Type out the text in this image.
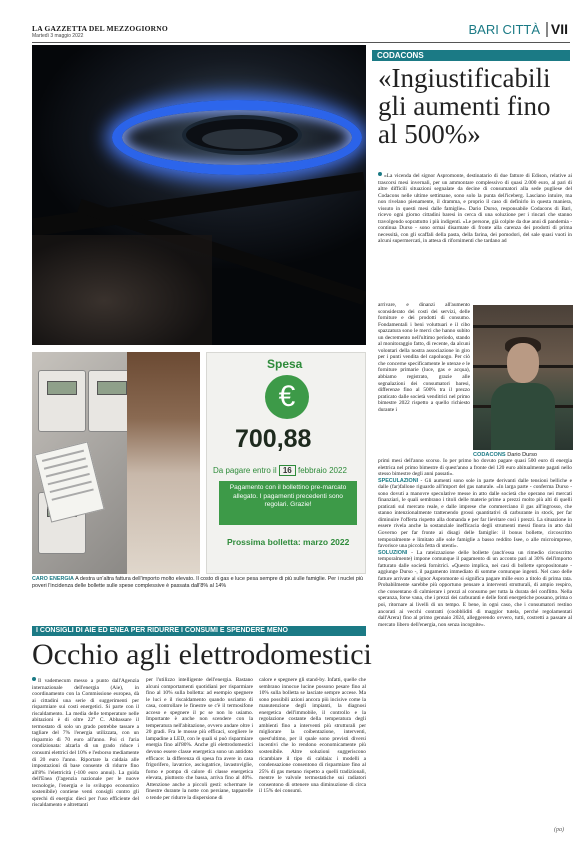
LA GAZZETTA DEL MEZZOGIORNO
Martedì 3 maggio 2022	BARI CITTÀ VII
Spesa
€
700,88
Da pagare entro il 16 febbraio 2022
Pagamento con il bollettino pre-marcato allegato. I pagamenti precedenti sono regolari. Grazie!
Prossima bolletta: marzo 2022
CARO ENERGIA A destra un'altra fattura dell'importo molto elevato. Il costo di gas e luce pesa sempre di più sulle famiglie. Per i nuclei più poveri l'incidenza delle bollette sulle spese complessive è passata dall'8% al 14%
CODACONS
«Ingiustificabili gli aumenti fino al 500%»
«La vicenda del signor Aspromonte, destinatario di due fatture di Edison, relative ai trascorsi mesi invernali, per un ammontare complessivo di quasi 2.000 euro, al pari di altre difficili situazioni segnalate da decine di consumatori alla sede pugliese del Codacons nelle ultime settimane, sono solo la punta dell'iceberg. Lasciano intuire, ma non rivelano pienamente, il dramma, e proprio il caso di definirlo in questa maniera, vissuto in questi mesi dalle famiglie». Dario Durso, responsabile Codacons di Bari, ricevo ogni giorno cittadini baresi in cerca di una soluzione per i rincari che stanno travolgendo soprattutto i più indigenti. «Le persone, già colpite da due anni di pandemia - continua Durso - sono ormai disarmate di fronte alla carenza dei prodotti di prima necessità, con gli scaffali della pasta, della farina, dei pomodori, del sale quasi vuoti in alcuni supermercati, in attesa di rifornimenti che tardano ad
arrivare, e dinanzi all'aumento sconsiderato dei costi dei servizi, delle forniture e dei prodotti di consumo. Fondamentali i beni voluttuari e il cibo spazzatura sono le merci che hanno subito un decremento nell'ultimo periodo, stando al monitoraggio fatto, di recente, da alcuni volontari della nostra associazione in giro per i punti vendita del capoluogo. Per ciò che concerne specificamente le utenze e le forniture primarie (luce, gas e acqua), abbiamo registrato, grazie alle segnalazioni dei consumatori baresi, differenze fino al 500% tra il prezzo praticato dalle società venditrici nel primo bimestre 2022 rispetto a quello richiesto durante i
CODACONS Dario Durso
primi mesi dell'anno scorso. Io per primo ho dovuto pagare quasi 500 euro di energia elettrica nel primo bimestre di quest'anno a fronte del 120 euro abitualmente pagati nello stesso bimestre degli anni passati».
SPECULAZIONI - Gli aumenti sono sole in parte derivanti dalle tensioni belliche e dalle (far)fallone riguardo all'import del gas naturale. «In larga parte - conferma Durso - sono dovuti a manovre speculative messe in atto dalle società che operano nei mercati finanziari, le quali sembrano i titoli delle materie prime a prezzi molto più alti di quelli praticati sul mercato reale, e dalle imprese che commerciano il gas all'ingrosso, che stanno intenzionalmente trattenendo grossi quantitativi di carburante in stock, per far diminuire l'offerta rispetto alla domanda e per far lievitare così i prezzi. La situazione in essere rivela anche la sostanziale inefficacia degli strumenti messi finora in atto dal Governo per far fronte ai disagi delle famiglie: il bonus bollette, circoscritto temporalmente e limitato alle sole famiglie a basso reddito Isee, o alle microimprese, favorisce una piccola fetta di utenti».
SOLUZIONI - La rateizzazione delle bollette (anch'essa un rimedio circoscritto temporalmente) impone comunque il pagamento di un acconto pari al 30% dell'importo fatturato dalle società fornitrici. «Questo implica, nei casi di bollette spropositonate - aggiunge Durso -, il pagamento immediato di somme comunque ingenti. Nel caso delle fatture arrivate al signor Aspromonte si significa pagare mille euro a titolo di prima rata. Probabilmente sarebbe più opportuno pensare a interventi strutturali, di ampio respiro, che consentano di calmierare i prezzi al consumo per tutta la durata del conflitto. Nella speranza, forse vana, che i prezzi dei carburanti e delle fonti energetiche possano, prima o poi, ritornare ai livelli di un tempo. E bene, in ogni caso, che i consumatori restino ancorati ai vecchi contratti (coobbliditi di maggior tutela, perché regolamentati dall'Arera) fino al primo gennaio 2024, alleggerendo ovvero, tutti, costretti a passare al mercato libero dell'energia, non senza incognite».
I CONSIGLI DI AIE ED ENEA PER RIDURRE I CONSUMI E SPENDERE MENO
Occhio agli elettrodomestici
Il vademecum messo a punto dall'Agenzia internazionale dell'energia (Aie), in coordinamento con la Commissione europea, dà ai cittadini una serie di suggerimenti per risparmiare sui costi energetici. Si parte con il riscaldamento. La media delle temperature nelle abitazioni è di oltre 22° C. Abbassare il termostato di solo un grado potrebbe tassare a tagliare del 7% l'energia utilizzata, con un risparmio di 70 euro all'anno. Poi ci l'aria condizionata: alzarla di un grado riduce i consumi elettrici del 10% e l'esborso mediamente di 20 euro l'anno. Riportare la caldaia alle impostazioni di base consente di ridurre fino all'8% l'elettricità (-100 euro annui). La guida dell'Enea (l'agenzia nazionale per le nuove tecnologie, l'energia e lo sviluppo economico sostenibile) contiene venti consigli contro gli sprechi di energia: dieci per l'uso efficiente del riscaldamento e altrettanti
per l'utilizzo intelligente dell'energia. Bastano alcuni comportamenti quotidiani per risparmiare fino al 10% sulla bolletta: ad esempio spegnere le luci e il riscaldamento quando usciamo di casa, controllare le finestre se c'è il termosifone acceso e spegnere il pc se non lo usiamo. Importante è anche non scendere con la temperatura nell'abitazione, ovvero andare oltre i 20 gradi. Fra le mosse più efficaci, scegliere le lampadine a LED, con le quali si può risparmiare energia fino all'80%. Anche gli elettrodomestici devono essere classe energetica sono un antidoto efficace: la differenza di spesa fra avere in casa frigorifero, lavatrice, asciugatrice, lavastoviglie, forno e pompa di calore di classe energetica elevata, piuttosto che bassa, arriva fino al 40%. Attenzione anche a piccoli gesti: schermare le finestre durante la notte con persiane, tapparelle o tende per ridurre la dispersione di
calore e spegnere gli stand-by. Infatti, quelle che sembrano innocue lucine possono pesare fino al 10% sulla bolletta se lasciate sempre accese. Ma sono possibili azioni ancora più incisive come la manutenzione degli impianti, la diagnosi energetica dell'immobile, il controllo e la regolazione costante della temperatura degli ambienti fino a interventi più strutturali per migliorare la coibentazione, interventi, quest'ultimo, per il quale sono previsti diversi incentivi che lo rendono economicamente più sostenibile. Altre soluzioni suggeriscono ricambiare il tipo di caldaia: i modelli a condensazione consentono di risparmiare fino al 25% di gas metano rispetto a quelli tradizionali, mentre le valvole termostatiche sui radiatori consentono di ottenere una diminuzione di circa il 15% dei consumi.
(pa)
